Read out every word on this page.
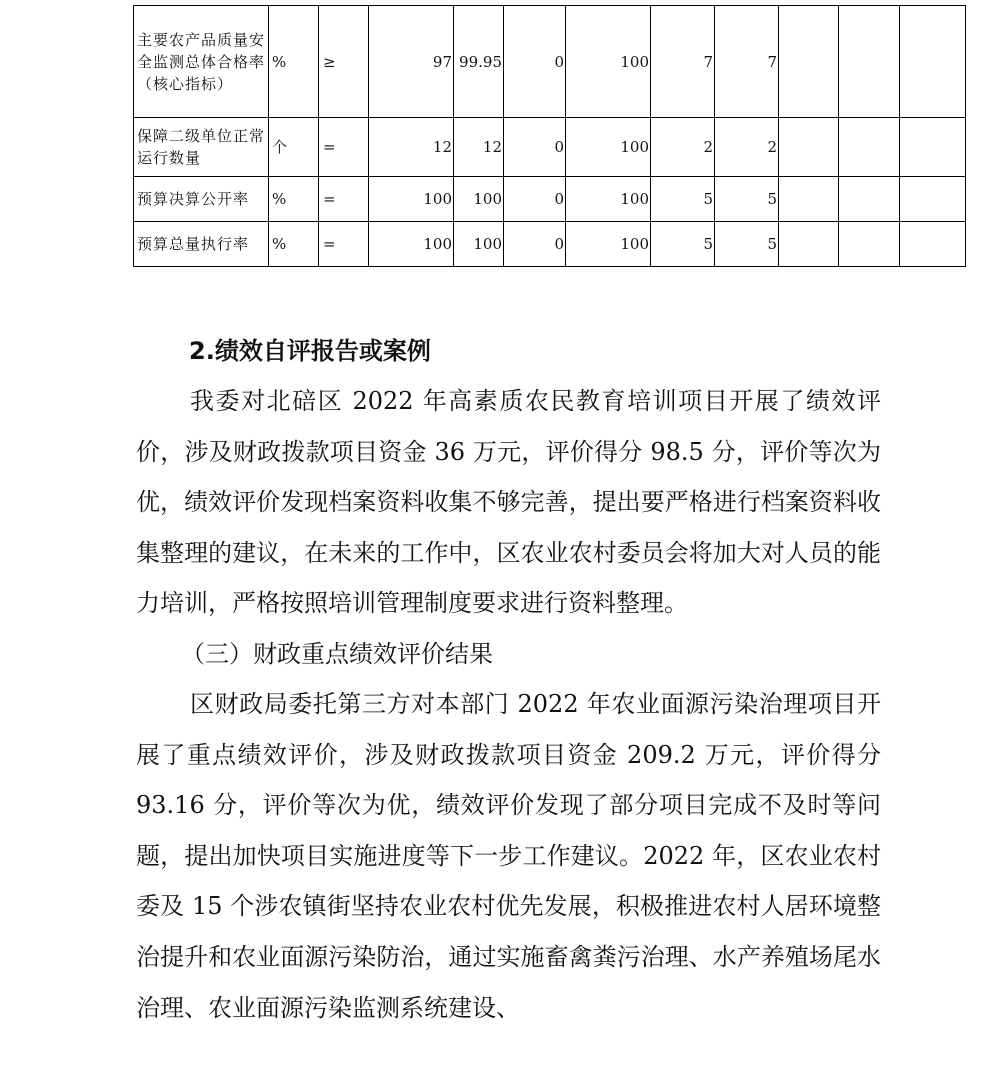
主要农产品质量安全监测总体合格率（核心指标）	%	≥	97	99.95	0	100	7	7			
保障二级单位正常运行数量	个	=	12	12	0	100	2	2			
预算决算公开率	%	=	100	100	0	100	5	5			
预算总量执行率	%	=	100	100	0	100	5	5			

2.绩效自评报告或案例

我委对北碚区 2022 年高素质农民教育培训项目开展了绩效评价，涉及财政拨款项目资金 36 万元，评价得分 98.5 分，评价等次为优，绩效评价发现档案资料收集不够完善，提出要严格进行档案资料收集整理的建议，在未来的工作中，区农业农村委员会将加大对人员的能力培训，严格按照培训管理制度要求进行资料整理。

（三）财政重点绩效评价结果

区财政局委托第三方对本部门 2022 年农业面源污染治理项目开展了重点绩效评价，涉及财政拨款项目资金 209.2 万元，评价得分 93.16 分，评价等次为优，绩效评价发现了部分项目完成不及时等问题，提出加快项目实施进度等下一步工作建议。2022 年，区农业农村委及 15 个涉农镇街坚持农业农村优先发展，积极推进农村人居环境整治提升和农业面源污染防治，通过实施畜禽粪污治理、水产养殖场尾水治理、农业面源污染监测系统建设、
